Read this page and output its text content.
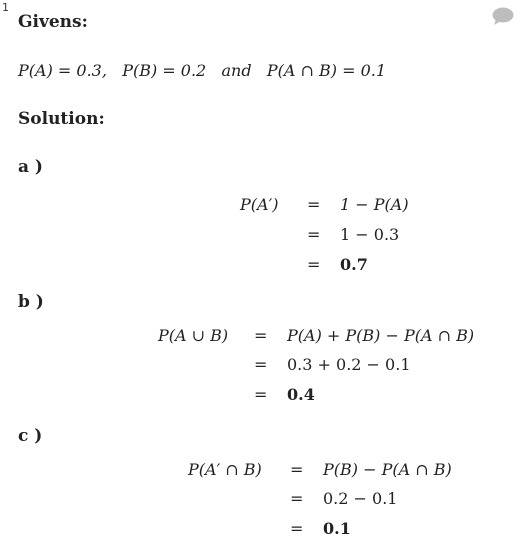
1
Givens:
P(A) = 0.3, P(B) = 0.2 and P(A ∩ B) = 0.1
Solution:
a )
P(A′) = 1 − P(A)
= 1 − 0.3
= 0.7
b )
P(A ∪ B) = P(A) + P(B) − P(A ∩ B)
= 0.3 + 0.2 − 0.1
= 0.4
c )
P(A′ ∩ B) = P(B) − P(A ∩ B)
= 0.2 − 0.1
= 0.1
